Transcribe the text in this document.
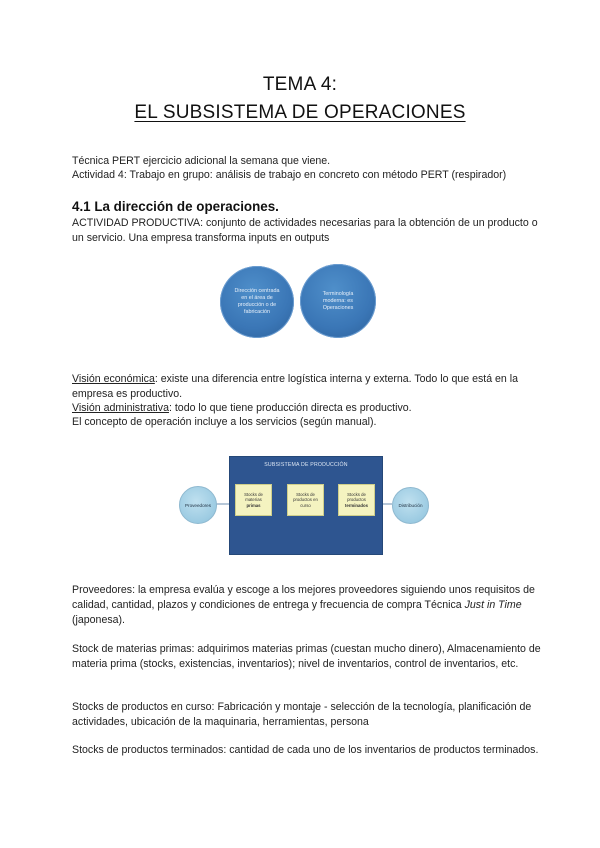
TEMA 4:
EL SUBSISTEMA DE OPERACIONES
Técnica PERT ejercicio adicional la semana que viene.
Actividad 4: Trabajo en grupo: análisis de trabajo en concreto con método PERT (respirador)
4.1 La dirección de operaciones.
ACTIVIDAD PRODUCTIVA: conjunto de actividades necesarias para la obtención de un producto o un servicio. Una empresa transforma inputs en outputs
Dirección centrada en el área de producción o de fabricación
Terminología moderna: es Operaciones
Visión económica: existe una diferencia entre logística interna y externa. Todo lo que está en la empresa es productivo.
Visión administrativa: todo lo que tiene producción directa es productivo.
El concepto de operación incluye a los servicios (según manual).
SUBSISTEMA DE PRODUCCIÓN
Stocks de
materias
primas
Stocks de
productos en
curso
Stocks de
productos
terminados
Proveedores	Distribución
Proveedores: la empresa evalúa y escoge a los mejores proveedores siguiendo unos requisitos de calidad, cantidad, plazos y condiciones de entrega y frecuencia de compra Técnica Just in Time (japonesa).
Stock de materias primas: adquirimos materias primas (cuestan mucho dinero), Almacenamiento de materia prima (stocks, existencias, inventarios); nivel de inventarios, control de inventarios, etc.
Stocks de productos en curso: Fabricación y montaje - selección de la tecnología, planificación de actividades, ubicación de la maquinaria, herramientas, persona
Stocks de productos terminados: cantidad de cada uno de los inventarios de productos terminados.
